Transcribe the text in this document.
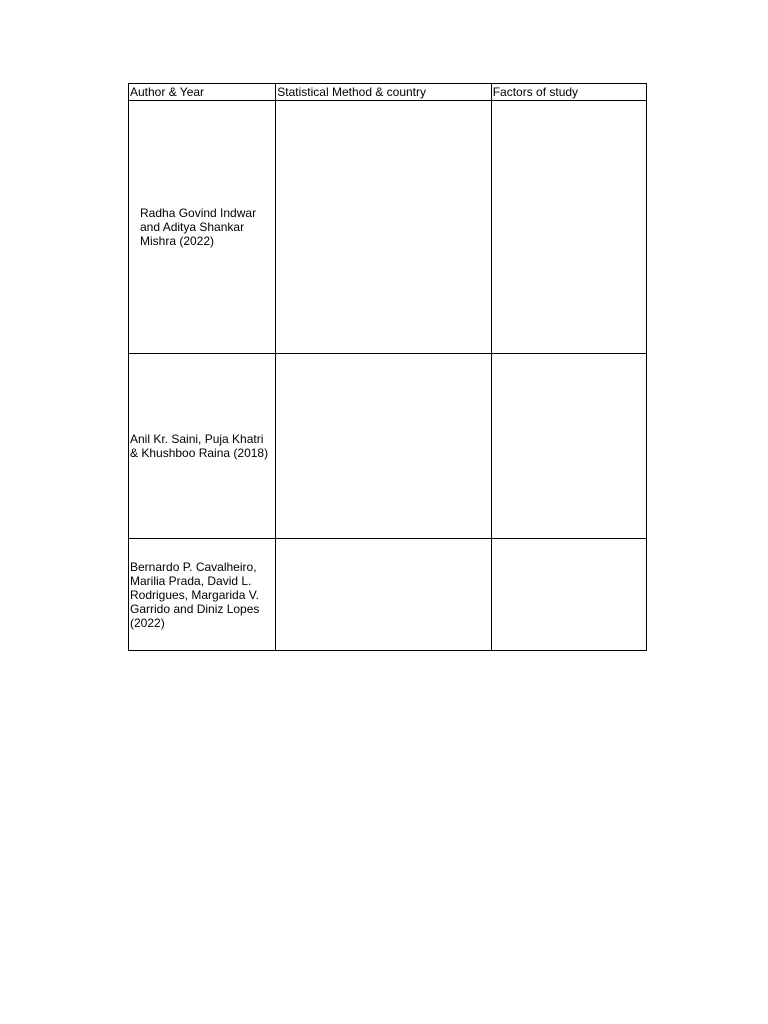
Author & Year	Statistical Method & country	Factors of study

Radha Govind Indwar and Aditya Shankar Mishra (2022)		

Anil Kr. Saini, Puja Khatri & Khushboo Raina (2018)		
Bernardo P. Cavalheiro, Marilia Prada, David L. Rodrigues, Margarida V. Garrido and Diniz Lopes (2022)		
